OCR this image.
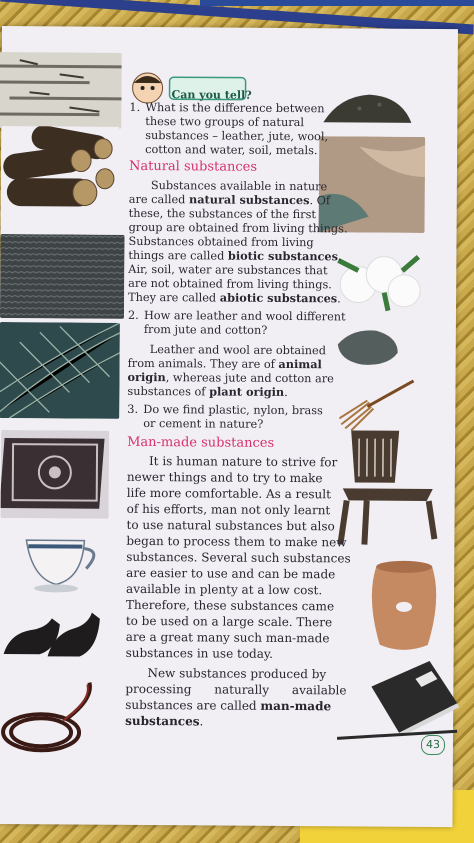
Can you tell?
1. What is the difference between
these two groups of natural
substances – leather, jute, wool,
cotton and water, soil, metals.
Natural substances
Substances available in nature
are called natural substances. Of
these, the substances of the first
group are obtained from living things.
Substances obtained from living
things are called biotic substances.
Air, soil, water are substances that
are not obtained from living things.
They are called abiotic substances.
2. How are leather and wool different
from jute and cotton?
Leather and wool are obtained
from animals. They are of animal
origin, whereas jute and cotton are
substances of plant origin.
3. Do we find plastic, nylon, brass
or cement in nature?
Man-made substances
It is human nature to strive for
newer things and to try to make
life more comfortable. As a result
of his efforts, man not only learnt
to use natural substances but also
began to process them to make new
substances. Several such substances
are easier to use and can be made
available in plenty at a low cost.
Therefore, these substances came
to be used on a large scale. There
are a great many such man-made
substances in use today.
New substances produced by
processing      naturally      available
substances are called man-made
substances.
43
